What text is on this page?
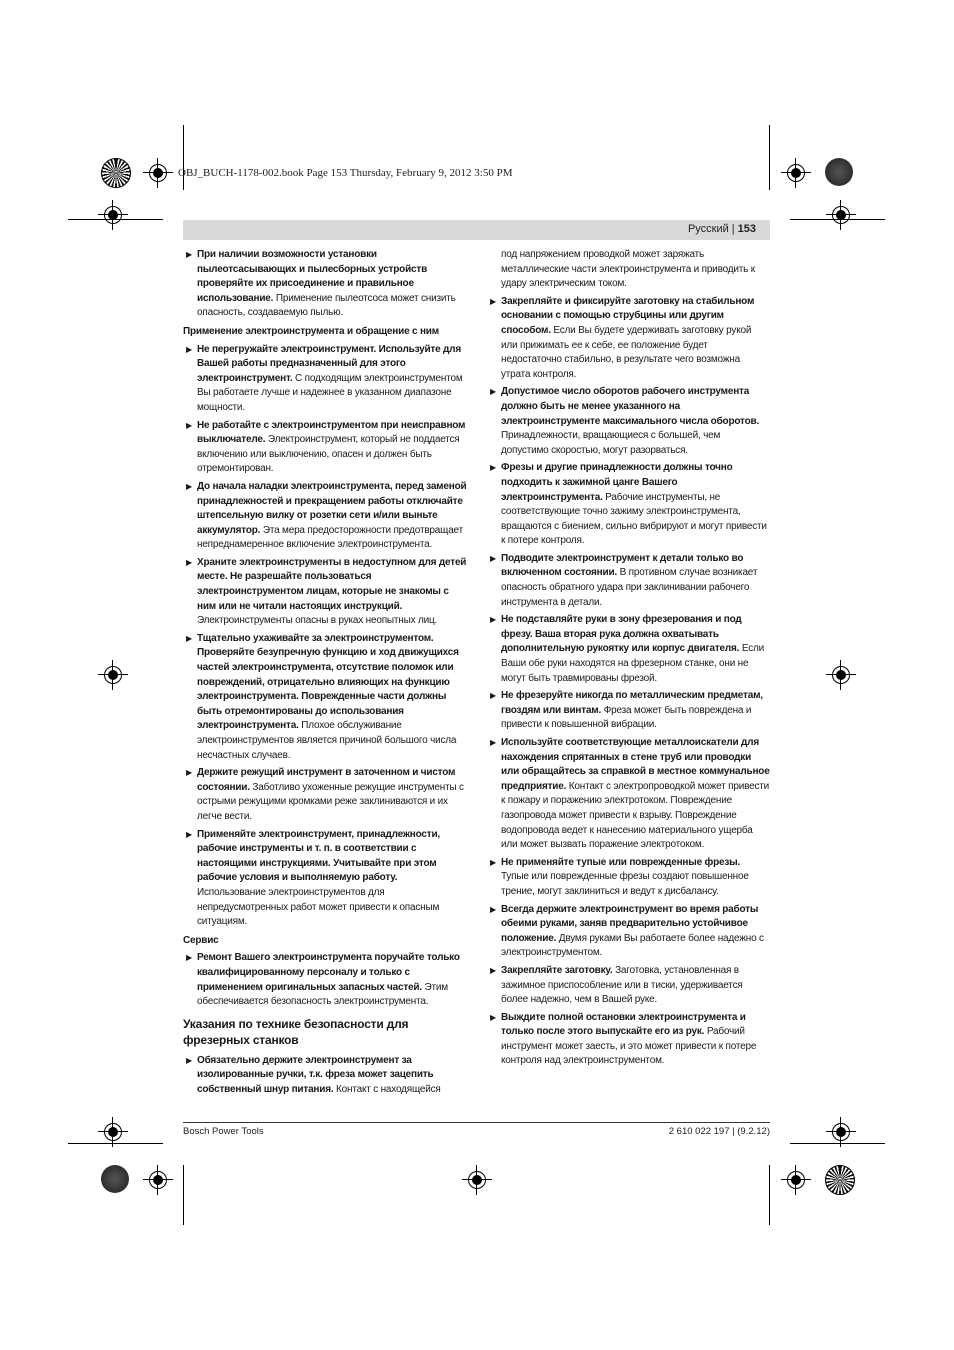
OBJ_BUCH-1178-002.book Page 153 Thursday, February 9, 2012 3:50 PM
Русский | 153
▶ При наличии возможности установки пылеотсасывающих и пылесборных устройств проверяйте их присоединение и правильное использование. Применение пылеотсоса может снизить опасность, создаваемую пылью.
Применение электроинструмента и обращение с ним
▶ Не перегружайте электроинструмент. Используйте для Вашей работы предназначенный для этого электроинструмент. С подходящим электроинструментом Вы работаете лучше и надежнее в указанном диапазоне мощности.
▶ Не работайте с электроинструментом при неисправном выключателе. Электроинструмент, который не поддается включению или выключению, опасен и должен быть отремонтирован.
▶ До начала наладки электроинструмента, перед заменой принадлежностей и прекращением работы отключайте штепсельную вилку от розетки сети и/или выньте аккумулятор. Эта мера предосторожности предотвращает непреднамеренное включение электроинструмента.
▶ Храните электроинструменты в недоступном для детей месте. Не разрешайте пользоваться электроинструментом лицам, которые не знакомы с ним или не читали настоящих инструкций. Электроинструменты опасны в руках неопытных лиц.
▶ Тщательно ухаживайте за электроинструментом. Проверяйте безупречную функцию и ход движущихся частей электроинструмента, отсутствие поломок или повреждений, отрицательно влияющих на функцию электроинструмента. Поврежденные части должны быть отремонтированы до использования электроинструмента. Плохое обслуживание электроинструментов является причиной большого числа несчастных случаев.
▶ Держите режущий инструмент в заточенном и чистом состоянии. Заботливо ухоженные режущие инструменты с острыми режущими кромками реже заклиниваются и их легче вести.
▶ Применяйте электроинструмент, принадлежности, рабочие инструменты и т. п. в соответствии с настоящими инструкциями. Учитывайте при этом рабочие условия и выполняемую работу. Использование электроинструментов для непредусмотренных работ может привести к опасным ситуациям.
Сервис
▶ Ремонт Вашего электроинструмента поручайте только квалифицированному персоналу и только с применением оригинальных запасных частей. Этим обеспечивается безопасность электроинструмента.
Указания по технике безопасности для фрезерных станков
▶ Обязательно держите электроинструмент за изолированные ручки, т.к. фреза может зацепить собственный шнур питания. Контакт с находящейся
под напряжением проводкой может заряжать металлические части электроинструмента и приводить к удару электрическим током.
▶ Закрепляйте и фиксируйте заготовку на стабильном основании с помощью струбцины или другим способом. Если Вы будете удерживать заготовку рукой или прижимать ее к себе, ее положение будет недостаточно стабильно, в результате чего возможна утрата контроля.
▶ Допустимое число оборотов рабочего инструмента должно быть не менее указанного на электроинструменте максимального числа оборотов. Принадлежности, вращающиеся с большей, чем допустимо скоростью, могут разорваться.
▶ Фрезы и другие принадлежности должны точно подходить к зажимной цанге Вашего электроинструмента. Рабочие инструменты, не соответствующие точно зажиму электроинструмента, вращаются с биением, сильно вибрируют и могут привести к потере контроля.
▶ Подводите электроинструмент к детали только во включенном состоянии. В противном случае возникает опасность обратного удара при заклинивании рабочего инструмента в детали.
▶ Не подставляйте руки в зону фрезерования и под фрезу. Ваша вторая рука должна охватывать дополнительную рукоятку или корпус двигателя. Если Ваши обе руки находятся на фрезерном станке, они не могут быть травмированы фрезой.
▶ Не фрезеруйте никогда по металлическим предметам, гвоздям или винтам. Фреза может быть повреждена и привести к повышенной вибрации.
▶ Используйте соответствующие металлоискатели для нахождения спрятанных в стене труб или проводки или обращайтесь за справкой в местное коммунальное предприятие. Контакт с электропроводкой может привести к пожару и поражению электротоком. Повреждение газопровода может привести к взрыву. Повреждение водопровода ведет к нанесению материального ущерба или может вызвать поражение электротоком.
▶ Не применяйте тупые или поврежденные фрезы. Тупые или поврежденные фрезы создают повышенное трение, могут заклиниться и ведут к дисбалансу.
▶ Всегда держите электроинструмент во время работы обеими руками, заняв предварительно устойчивое положение. Двумя руками Вы работаете более надежно с электроинструментом.
▶ Закрепляйте заготовку. Заготовка, установленная в зажимное приспособление или в тиски, удерживается более надежно, чем в Вашей руке.
▶ Выждите полной остановки электроинструмента и только после этого выпускайте его из рук. Рабочий инструмент может заесть, и это может привести к потере контроля над электроинструментом.
Bosch Power Tools	2 610 022 197 | (9.2.12)
